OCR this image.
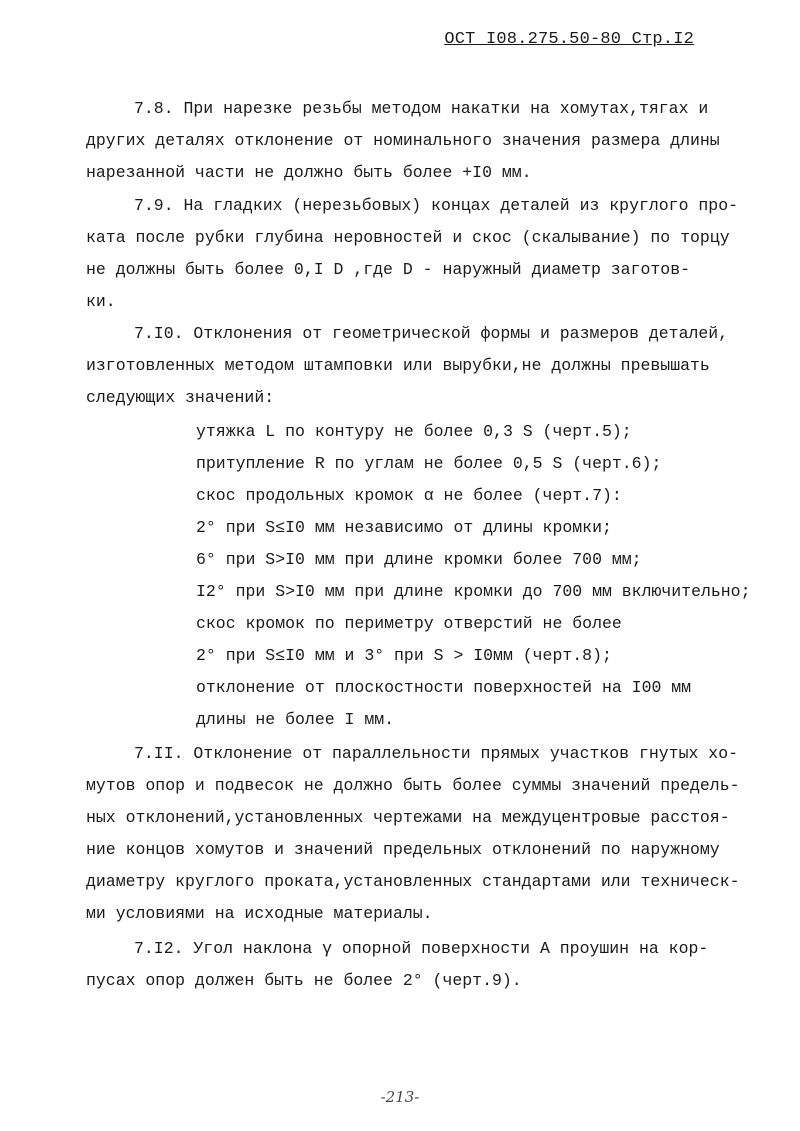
ОСТ I08.275.50-80 Стр.I2
7.8. При нарезке резьбы методом накатки на хомутах,тягах и
других деталях отклонение от номинального значения размера длины
нарезанной части не должно быть более +I0 мм.
7.9. На гладких (нерезьбовых) концах деталей из круглого про-
ката после рубки глубина неровностей и скос (скалывание) по торцу
не должны быть более 0,I D ,где D - наружный диаметр заготов-
ки.
7.I0. Отклонения от геометрической формы и размеров деталей,
изготовленных методом штамповки или вырубки,не должны превышать
следующих значений:
утяжка L по контуру не более 0,3 S (черт.5);
притупление R по углам не более 0,5 S (черт.6);
скос продольных кромок α не более (черт.7):
2° при S≤I0 мм независимо от длины кромки;
6° при S>I0 мм при длине кромки более 700 мм;
I2° при S>I0 мм при длине кромки до 700 мм включительно;
скос кромок по периметру отверстий не более
2° при S≤I0 мм и 3° при S > I0мм (черт.8);
отклонение от плоскостности поверхностей на I00 мм
длины не более I мм.
7.II. Отклонение от параллельности прямых участков гнутых хо-
мутов опор и подвесок не должно быть более суммы значений предель-
ных отклонений,установленных чертежами на междуцентровые расстоя-
ние концов хомутов и значений предельных отклонений по наружному
диаметру круглого проката,установленных стандартами или техническ-
ми условиями на исходные материалы.
7.I2. Угол наклона γ опорной поверхности А проушин на кор-
пусах опор должен быть не более 2° (черт.9).
-213-
